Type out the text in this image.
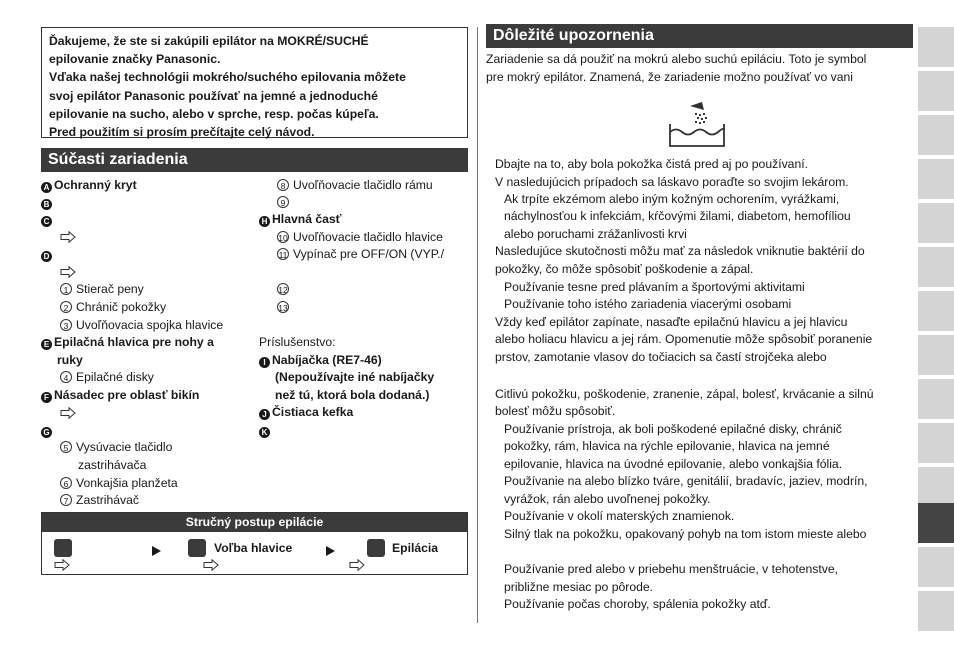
Ďakujeme, že ste si zakúpili epilátor na MOKRÉ/SUCHÉ
epilovanie značky Panasonic.
Vďaka našej technológii mokrého/suchého epilovania môžete
svoj epilátor Panasonic používať na jemné a jednoduché
epilovanie na sucho, alebo v sprche, resp. počas kúpeľa.
Pred použitím si prosím prečítajte celý návod.
Súčasti zariadenia
A Ochranný kryt
B
C
D
1 Stierač peny
2 Chránič pokožky
3 Uvoľňovacia spojka hlavice
E Epilačná hlavica pre nohy a
ruky
4 Epilačné disky
F Násadec pre oblasť bikín
G
5 Vysúvacie tlačidlo
zastrihávača
6 Vonkajšia planžeta
7 Zastrihávač
8 Uvoľňovacie tlačidlo rámu
9
H Hlavná časť
10 Uvoľňovacie tlačidlo hlavice
11 Vypínač pre OFF/ON (VYP./
12
13
Príslušenstvo:
I Nabíjačka (RE7-46)
(Nepoužívajte iné nabíjačky
než tú, ktorá bola dodaná.)
J Čistiaca kefka
K
Stručný postup epilácie
Voľba hlavice	Epilácia
Dôležité upozornenia
Zariadenie sa dá použiť na mokrú alebo suchú epiláciu. Toto je symbol
pre mokrý epilátor. Znamená, že zariadenie možno používať vo vani
Dbajte na to, aby bola pokožka čistá pred aj po používaní.
V nasledujúcich prípadoch sa láskavo poraďte so svojim lekárom.
Ak trpíte ekzémom alebo iným kožným ochorením, vyrážkami,
náchylnosťou k infekciám, kŕčovými žilami, diabetom, hemofíliou
alebo poruchami zrážanlivosti krvi
Nasledujúce skutočnosti môžu mať za následok vniknutie baktérií do
pokožky, čo môže spôsobiť poškodenie a zápal.
Používanie tesne pred plávaním a športovými aktivitami
Používanie toho istého zariadenia viacerými osobami
Vždy keď epilátor zapínate, nasaďte epilačnú hlavicu a jej hlavicu
alebo holiacu hlavicu a jej rám. Opomenutie môže spôsobiť poranenie
prstov, zamotanie vlasov do točiacich sa častí strojčeka alebo
Citlivú pokožku, poškodenie, zranenie, zápal, bolesť, krvácanie a silnú
bolesť môžu spôsobiť.
Používanie prístroja, ak boli poškodené epilačné disky, chránič
pokožky, rám, hlavica na rýchle epilovanie, hlavica na jemné
epilovanie, hlavica na úvodné epilovanie, alebo vonkajšia fólia.
Používanie na alebo blízko tváre, genitálií, bradavíc, jaziev, modrín,
vyrážok, rán alebo uvoľnenej pokožky.
Používanie v okolí materských znamienok.
Silný tlak na pokožku, opakovaný pohyb na tom istom mieste alebo
Používanie pred alebo v priebehu menštruácie, v tehotenstve,
približne mesiac po pôrode.
Používanie počas choroby, spálenia pokožky atď.
